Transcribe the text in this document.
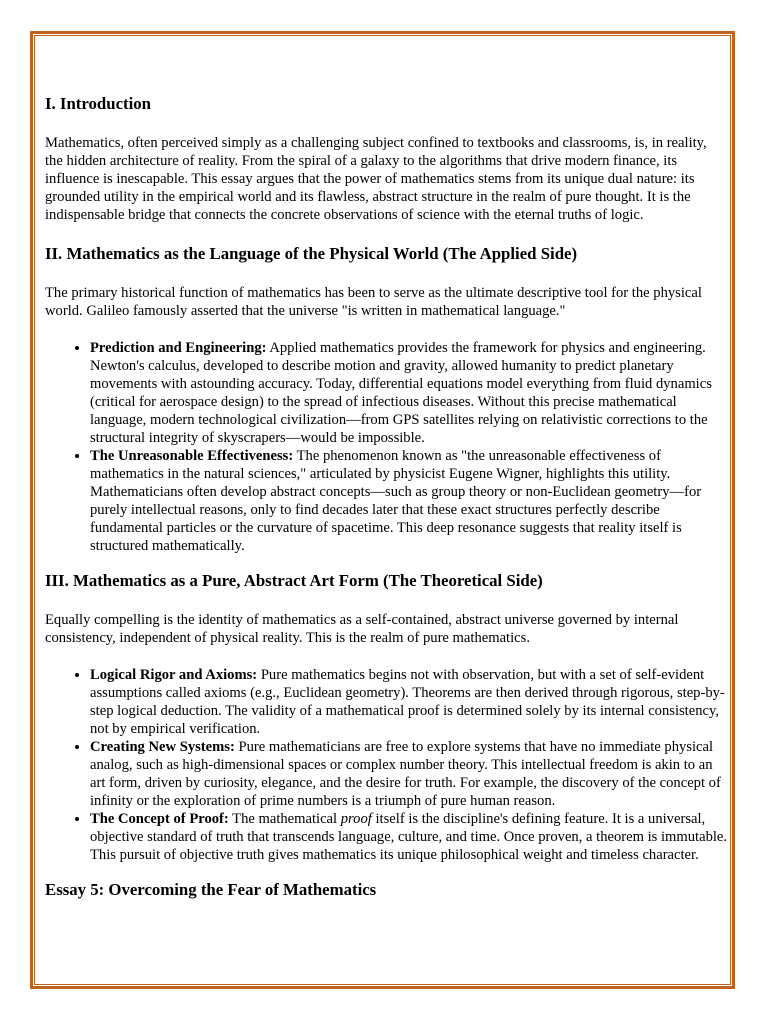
I. Introduction

Mathematics, often perceived simply as a challenging subject confined to textbooks and classrooms, is, in reality, the hidden architecture of reality. From the spiral of a galaxy to the algorithms that drive modern finance, its influence is inescapable. This essay argues that the power of mathematics stems from its unique dual nature: its grounded utility in the empirical world and its flawless, abstract structure in the realm of pure thought. It is the indispensable bridge that connects the concrete observations of science with the eternal truths of logic.

II. Mathematics as the Language of the Physical World (The Applied Side)

The primary historical function of mathematics has been to serve as the ultimate descriptive tool for the physical world. Galileo famously asserted that the universe "is written in mathematical language."

• Prediction and Engineering: Applied mathematics provides the framework for physics and engineering. Newton's calculus, developed to describe motion and gravity, allowed humanity to predict planetary movements with astounding accuracy. Today, differential equations model everything from fluid dynamics (critical for aerospace design) to the spread of infectious diseases. Without this precise mathematical language, modern technological civilization—from GPS satellites relying on relativistic corrections to the structural integrity of skyscrapers—would be impossible.
• The Unreasonable Effectiveness: The phenomenon known as "the unreasonable effectiveness of mathematics in the natural sciences," articulated by physicist Eugene Wigner, highlights this utility. Mathematicians often develop abstract concepts—such as group theory or non-Euclidean geometry—for purely intellectual reasons, only to find decades later that these exact structures perfectly describe fundamental particles or the curvature of spacetime. This deep resonance suggests that reality itself is structured mathematically.
III. Mathematics as a Pure, Abstract Art Form (The Theoretical Side)

Equally compelling is the identity of mathematics as a self-contained, abstract universe governed by internal consistency, independent of physical reality. This is the realm of pure mathematics.

• Logical Rigor and Axioms: Pure mathematics begins not with observation, but with a set of self-evident assumptions called axioms (e.g., Euclidean geometry). Theorems are then derived through rigorous, step-by-step logical deduction. The validity of a mathematical proof is determined solely by its internal consistency, not by empirical verification.
• Creating New Systems: Pure mathematicians are free to explore systems that have no immediate physical analog, such as high-dimensional spaces or complex number theory. This intellectual freedom is akin to an art form, driven by curiosity, elegance, and the desire for truth. For example, the discovery of the concept of infinity or the exploration of prime numbers is a triumph of pure human reason.
• The Concept of Proof: The mathematical proof itself is the discipline's defining feature. It is a universal, objective standard of truth that transcends language, culture, and time. Once proven, a theorem is immutable. This pursuit of objective truth gives mathematics its unique philosophical weight and timeless character.
Essay 5: Overcoming the Fear of Mathematics
